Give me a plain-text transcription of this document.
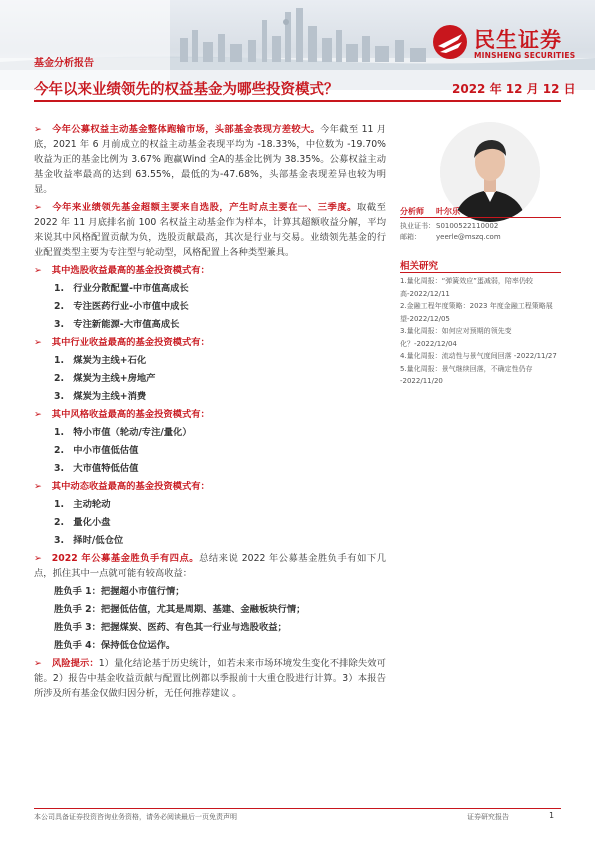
民生证券
MINSHENG SECURITIES
基金分析报告
今年以来业绩领先的权益基金为哪些投资模式？	2022 年 12 月 12 日

➢ 今年公募权益主动基金整体跑输市场，头部基金表现方差较大。今年截至 11 月底，2021 年 6 月前成立的权益主动基金表现平均为 -18.33%，中位数为 -19.70% 收益为正的基金比例为 3.67% 跑赢Wind 全A的基金比例为 38.35%。公募权益主动基金收益率最高的达到 63.55%，最低的为-47.68%，头部基金表现差异也较为明显。

➢ 今年来业绩领先基金超额主要来自选股，产生时点主要在一、三季度。取截至 2022 年 11 月底排名前 100 名权益主动基金作为样本，计算其超额收益分解，平均来说其中风格配置贡献为负，选股贡献最高，其次是行业与交易。业绩领先基金的行业配置类型主要为专注型与轮动型，风格配置上各种类型兼具。

➢ 其中选股收益最高的基金投资模式有：
1.　行业分散配置-中市值高成长
2.　专注医药行业-小市值中成长
3.　专注新能源-大市值高成长
➢ 其中行业收益最高的基金投资模式有：
1.　煤炭为主线+石化
2.　煤炭为主线+房地产
3.　煤炭为主线+消费
➢ 其中风格收益最高的基金投资模式有：
1.　特小市值（轮动/专注/量化）
2.　中小市值低估值
3.　大市值特低估值
➢ 其中动态收益最高的基金投资模式有：
1.　主动轮动
2.　量化小盘
3.　择时/低仓位

➢ 2022 年公募基金胜负手有四点。总结来说 2022 年公募基金胜负手有如下几点，抓住其中一点就可能有较高收益：

胜负手 1：把握超小市值行情；
胜负手 2：把握低估值，尤其是周期、基建、金融板块行情；
胜负手 3：把握煤炭、医药、有色其一行业与选股收益；
胜负手 4：保持低仓位运作。

➢ 风险提示：1）量化结论基于历史统计，如若未来市场环境发生变化不排除失效可能。2）报告中基金收益贡献与配置比例都以季报前十大重仓股进行计算。3）本报告所涉及所有基金仅做归因分析，无任何推荐建议 。

分析师 叶尔乐
执业证书：S0100522110002
邮箱： yeerle@mszq.com
相关研究
1.量化周报：“弹簧效应”蛋减弱，陪率仍较高-2022/12/11
2.金融工程年度策略：2023 年度金融工程策略展望-2022/12/05
3.量化周报：如何应对预期的领先变化？-2022/12/04
4.量化周报：流动性与景气度间回落 -2022/11/27
5.量化周报：景气继续回落，不确定性仍存 -2022/11/20
本公司具备证券投资咨询业务资格，请务必阅读最后一页免责声明	证券研究报告	1
